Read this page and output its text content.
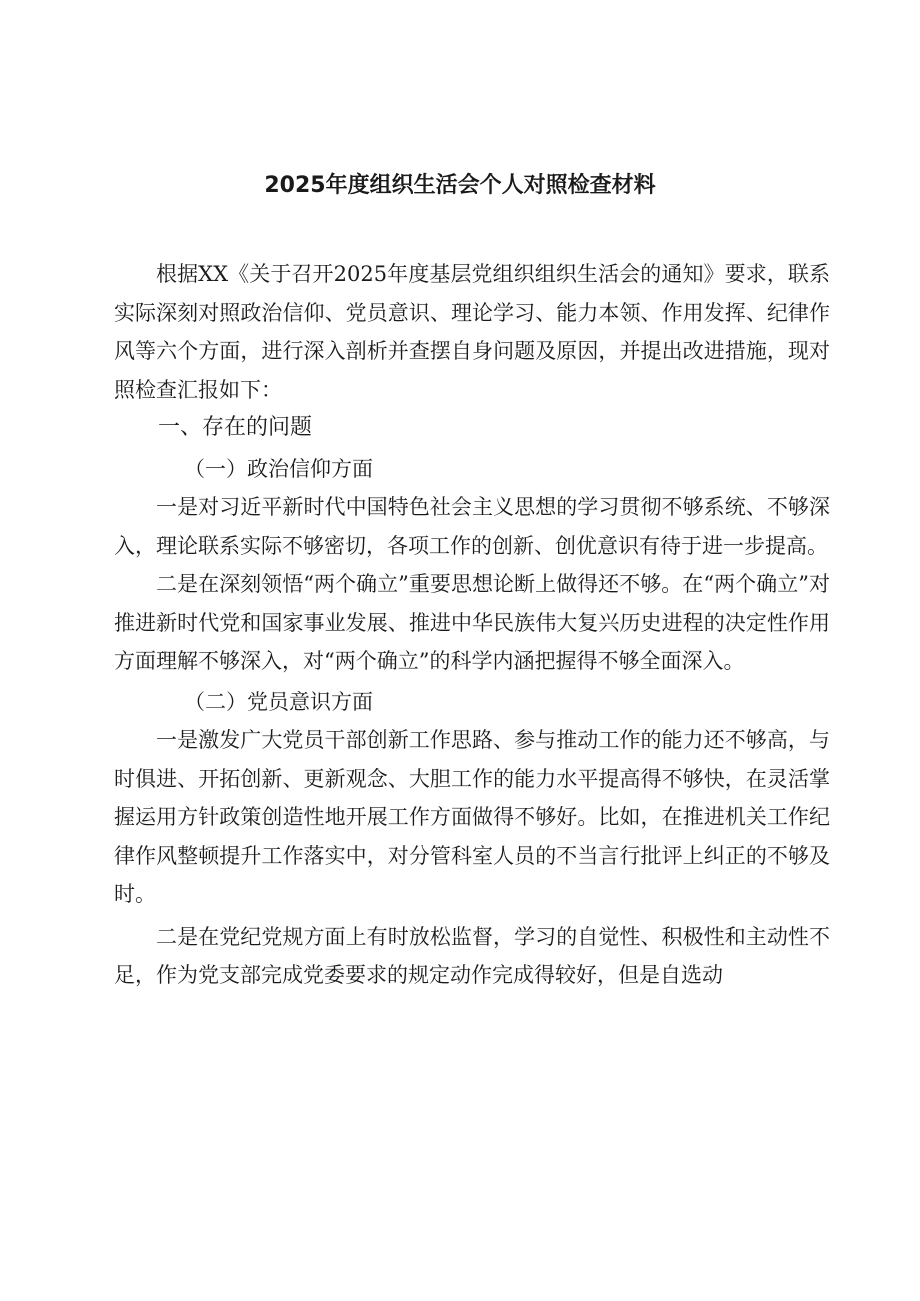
2025年度组织生活会个人对照检查材料

根据XX《关于召开2025年度基层党组织组织生活会的通知》要求，联系实际深刻对照政治信仰、党员意识、理论学习、能力本领、作用发挥、纪律作风等六个方面，进行深入剖析并查摆自身问题及原因，并提出改进措施，现对照检查汇报如下：

一、存在的问题

（一）政治信仰方面

一是对习近平新时代中国特色社会主义思想的学习贯彻不够系统、不够深入，理论联系实际不够密切，各项工作的创新、创优意识有待于进一步提高。

二是在深刻领悟“两个确立”重要思想论断上做得还不够。在“两个确立”对推进新时代党和国家事业发展、推进中华民族伟大复兴历史进程的决定性作用方面理解不够深入，对“两个确立”的科学内涵把握得不够全面深入。

（二）党员意识方面

一是激发广大党员干部创新工作思路、参与推动工作的能力还不够高，与时俱进、开拓创新、更新观念、大胆工作的能力水平提高得不够快，在灵活掌握运用方针政策创造性地开展工作方面做得不够好。比如，在推进机关工作纪律作风整顿提升工作落实中，对分管科室人员的不当言行批评上纠正的不够及时。

二是在党纪党规方面上有时放松监督，学习的自觉性、积极性和主动性不足，作为党支部完成党委要求的规定动作完成得较好，但是自选动
